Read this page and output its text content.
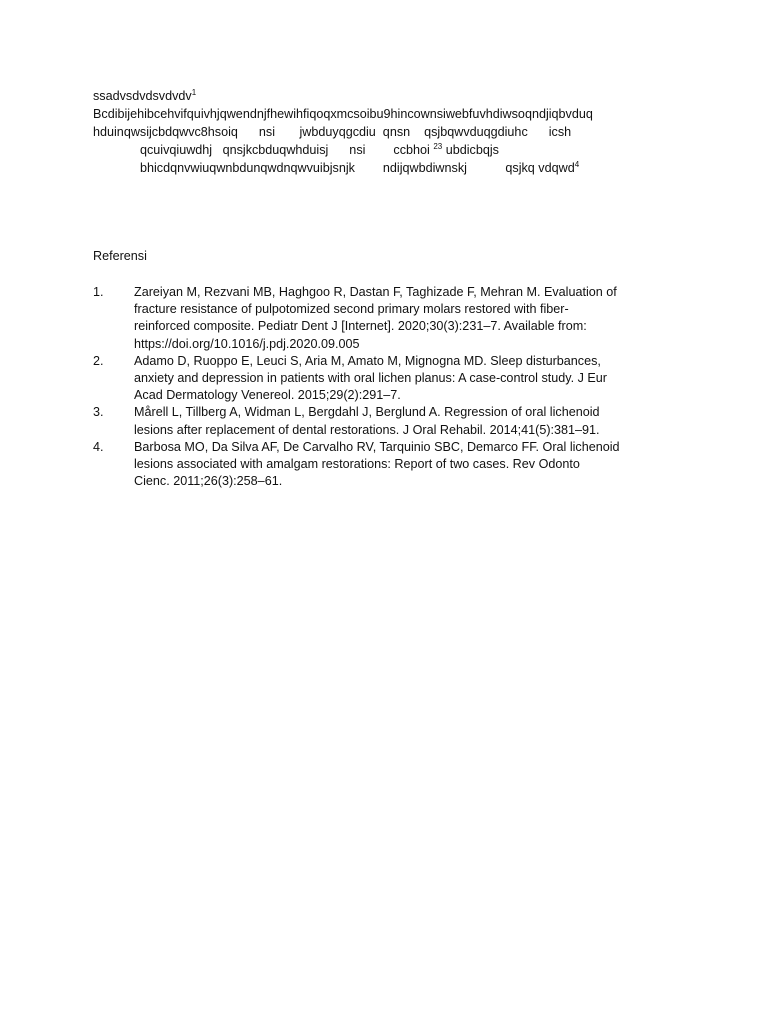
ssadvsdvdsvdvdv$^1$
Bcdibijehibcehvifquivhjqwendnjfhewihfiqoqxmcsoibu9hincownsiwebfuvhdiwsoqndjiqbvduq
hduinqwsijcbdqwvc8hsoiq      nsi       jwbduyqgcdiu  qnsn    qsjbqwvduqgdiuhc      icsh
qcuivqiuwdhj   qnsjkcbduqwhduisj      nsi        ccbhoi $^{23}$ ubdicbqjs
bhicdqnvwiuqwnbdunqwdnqwvuibjsnjk        ndijqwbdiwnskj           qsjkq vdqwd$^4$
Referensi
1.	Zareiyan M, Rezvani MB, Haghgoo R, Dastan F, Taghizade F, Mehran M. Evaluation of
fracture resistance of pulpotomized second primary molars restored with fiber-
reinforced composite. Pediatr Dent J [Internet]. 2020;30(3):231–7. Available from:
https://doi.org/10.1016/j.pdj.2020.09.005
2.	Adamo D, Ruoppo E, Leuci S, Aria M, Amato M, Mignogna MD. Sleep disturbances,
anxiety and depression in patients with oral lichen planus: A case-control study. J Eur
Acad Dermatology Venereol. 2015;29(2):291–7.
3.	Mårell L, Tillberg A, Widman L, Bergdahl J, Berglund A. Regression of oral lichenoid
lesions after replacement of dental restorations. J Oral Rehabil. 2014;41(5):381–91.
4.	Barbosa MO, Da Silva AF, De Carvalho RV, Tarquinio SBC, Demarco FF. Oral lichenoid
lesions associated with amalgam restorations: Report of two cases. Rev Odonto
Cienc. 2011;26(3):258–61.
